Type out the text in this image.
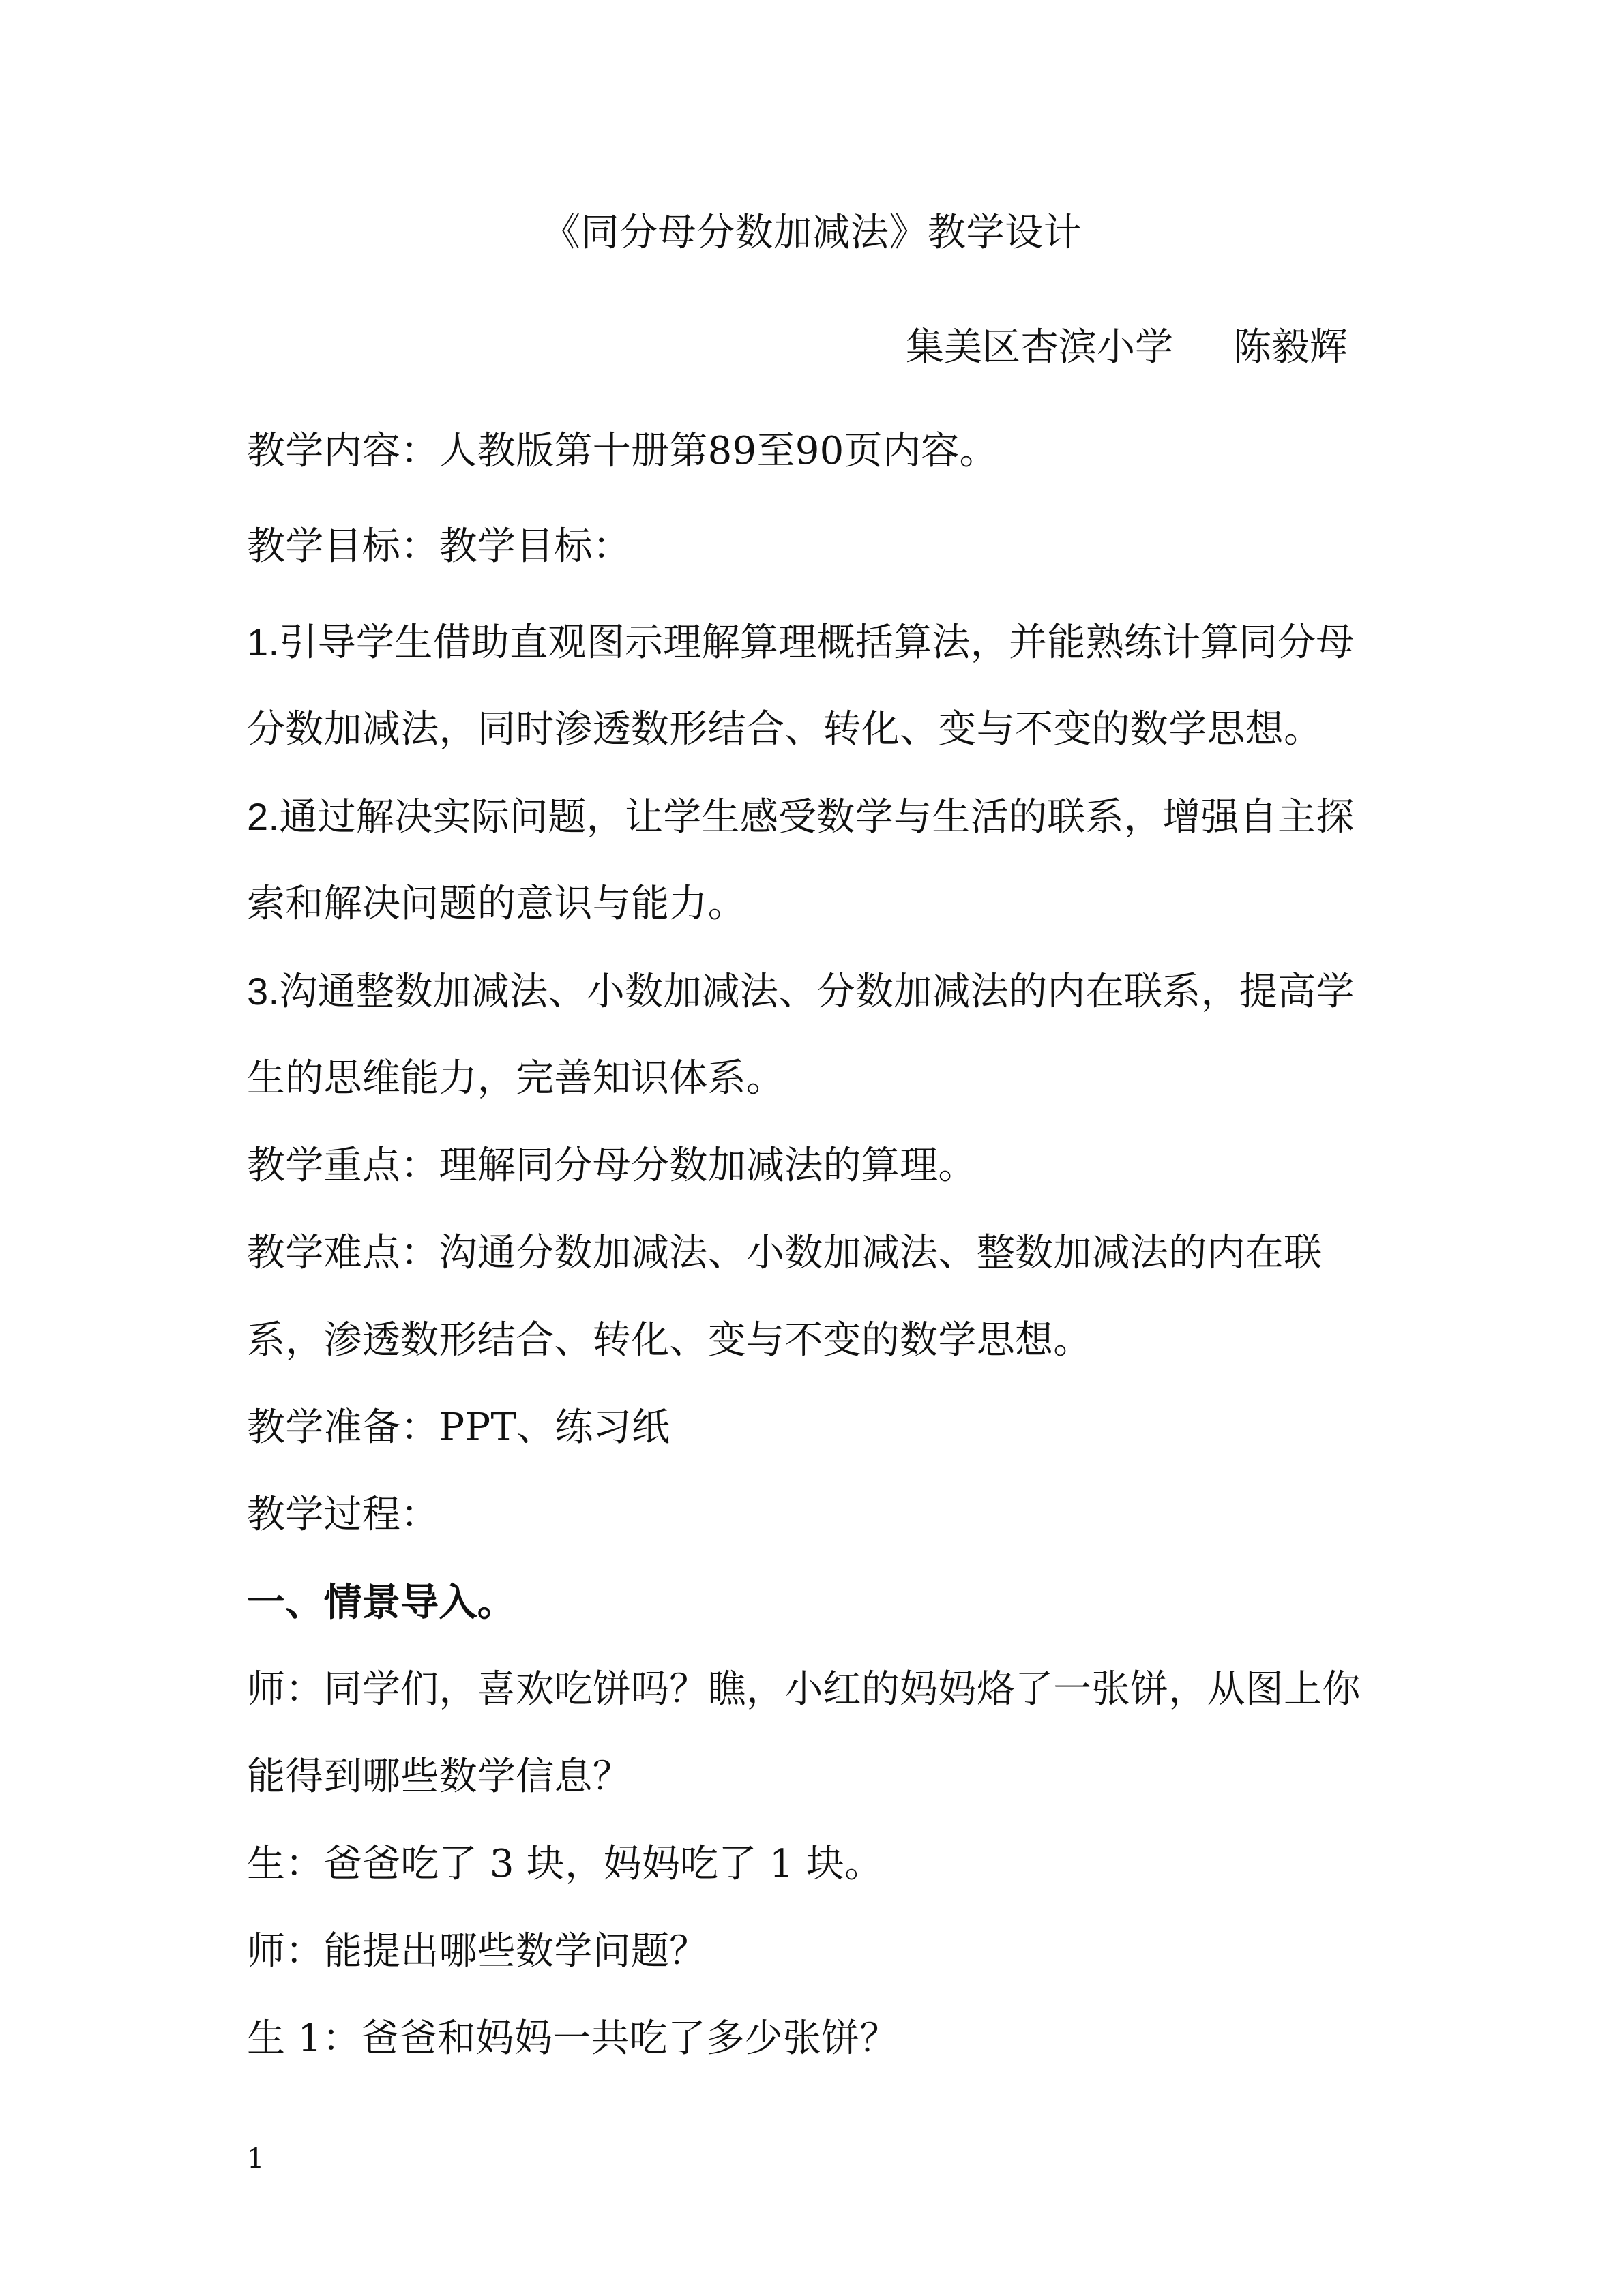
《同分母分数加减法》教学设计
集美区杏滨小学 陈毅辉
教学内容：人教版第十册第89至90页内容。
教学目标：教学目标：
1.引导学生借助直观图示理解算理概括算法，并能熟练计算同分母
分数加减法，同时渗透数形结合、转化、变与不变的数学思想。
2.通过解决实际问题，让学生感受数学与生活的联系，增强自主探
索和解决问题的意识与能力。
3.沟通整数加减法、小数加减法、分数加减法的内在联系，提高学
生的思维能力，完善知识体系。
教学重点：理解同分母分数加减法的算理。
教学难点：沟通分数加减法、小数加减法、整数加减法的内在联
系，渗透数形结合、转化、变与不变的数学思想。
教学准备：PPT、练习纸
教学过程：
一、情景导入。
师：同学们，喜欢吃饼吗？瞧，小红的妈妈烙了一张饼，从图上你
能得到哪些数学信息？
生：爸爸吃了 3 块，妈妈吃了 1 块。
师：能提出哪些数学问题？
生 1：爸爸和妈妈一共吃了多少张饼？
1
